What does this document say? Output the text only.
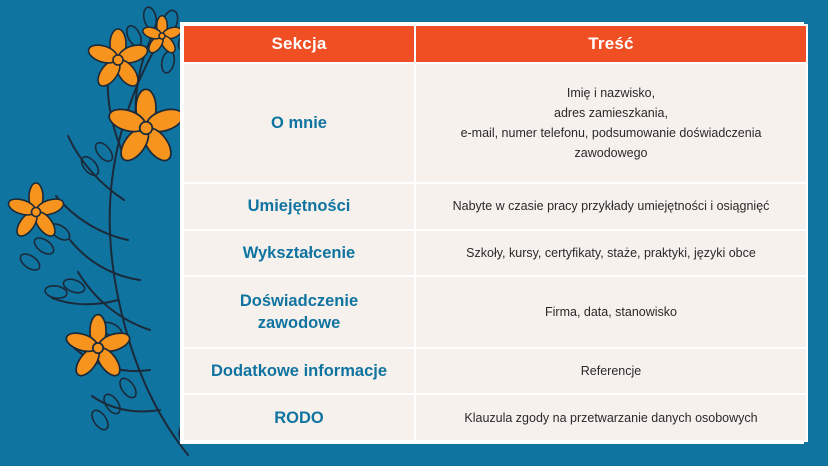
Sekcja	Treść
O mnie	Imię i nazwisko,
adres zamieszkania,
e-mail, numer telefonu, podsumowanie doświadczenia
zawodowego

Umiejętności	Nabyte w czasie pracy przykłady umiejętności i osiągnięć

Wykształcenie	Szkoły, kursy, certyfikaty, staże, praktyki, języki obce

Doświadczenie
zawodowe	Firma, data, stanowisko

Dodatkowe informacje	Referencje

RODO	Klauzula zgody na przetwarzanie danych osobowych
